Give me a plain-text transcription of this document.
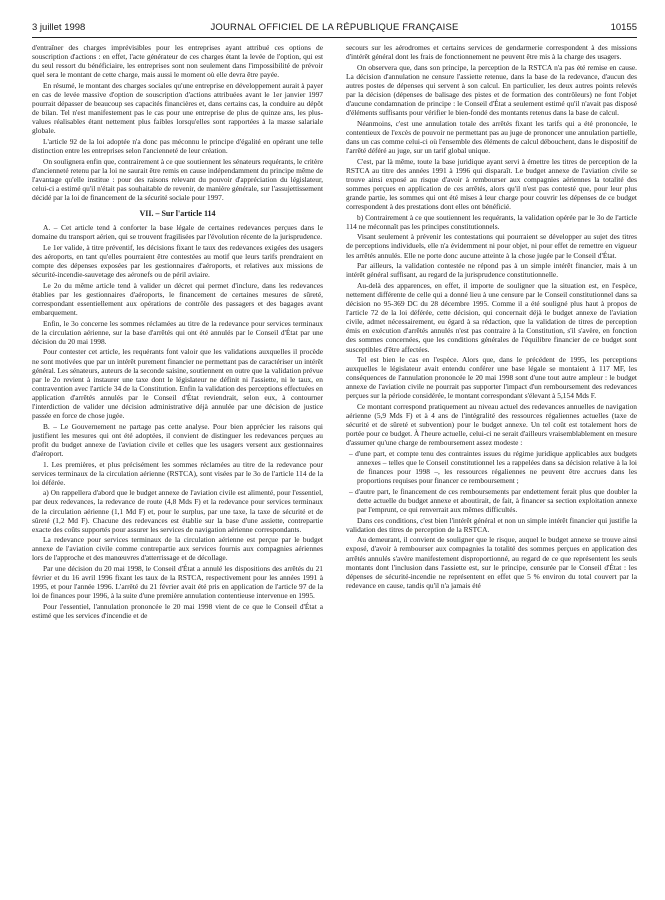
3 juillet 1998	JOURNAL OFFICIEL DE LA RÉPUBLIQUE FRANÇAISE	10155

d'entraîner des charges imprévisibles pour les entreprises ayant attribué ces options de souscription d'actions : en effet, l'acte générateur de ces charges étant la levée de l'option, qui est du seul ressort du bénéficiaire, les entreprises sont non seulement dans l'impossibilité de prévoir quel sera le montant de cette charge, mais aussi le moment où elle devra être payée.

En résumé, le montant des charges sociales qu'une entreprise en développement aurait à payer en cas de levée massive d'option de souscription d'actions attribuées avant le 1er janvier 1997 pourrait dépasser de beaucoup ses capacités financières et, dans certains cas, la conduire au dépôt de bilan. Tel n'est manifestement pas le cas pour une entreprise de plus de quinze ans, les plus-values réalisables étant nettement plus faibles lorsqu'elles sont rapportées à la masse salariale globale.

L'article 92 de la loi adoptée n'a donc pas méconnu le principe d'égalité en opérant une telle distinction entre les entreprises selon l'ancienneté de leur création.

On soulignera enfin que, contrairement à ce que soutiennent les sénateurs requérants, le critère d'ancienneté retenu par la loi ne saurait être remis en cause indépendamment du principe même de l'avantage qu'elle institue : pour des raisons relevant du pouvoir d'appréciation du législateur, celui-ci a estimé qu'il n'était pas souhaitable de revenir, de manière générale, sur l'assujettissement décidé par la loi de financement de la sécurité sociale pour 1997.

VII. – Sur l'article 114

A. – Cet article tend à conforter la base légale de certaines redevances perçues dans le domaine du transport aérien, qui se trouvent fragilisées par l'évolution récente de la jurisprudence.

Le 1er valide, à titre préventif, les décisions fixant le taux des redevances exigées des usagers des aéroports, en tant qu'elles pourraient être contestées au motif que leurs tarifs prendraient en compte des dépenses exposées par les gestionnaires d'aéroports, et relatives aux missions de sécurité-incendie-sauvetage des aéronefs ou de péril aviaire.

Le 2o du même article tend à valider un décret qui permet d'inclure, dans les redevances établies par les gestionnaires d'aéroports, le financement de certaines mesures de sûreté, correspondant essentiellement aux opérations de contrôle des passagers et des bagages avant embarquement.

Enfin, le 3o concerne les sommes réclamées au titre de la redevance pour services terminaux de la circulation aérienne, sur la base d'arrêtés qui ont été annulés par le Conseil d'État par une décision du 20 mai 1998.

Pour contester cet article, les requérants font valoir que les validations auxquelles il procède ne sont motivées que par un intérêt purement financier ne permettant pas de caractériser un intérêt général. Les sénateurs, auteurs de la seconde saisine, soutiennent en outre que la validation prévue par le 2o revient à instaurer une taxe dont le législateur ne définit ni l'assiette, ni le taux, en contravention avec l'article 34 de la Constitution. Enfin la validation des perceptions effectuées en application d'arrêtés annulés par le Conseil d'État reviendrait, selon eux, à contourner l'interdiction de valider une décision administrative déjà annulée par une décision de justice passée en force de chose jugée.

B. – Le Gouvernement ne partage pas cette analyse. Pour bien apprécier les raisons qui justifient les mesures qui ont été adoptées, il convient de distinguer les redevances perçues au profit du budget annexe de l'aviation civile et celles que les usagers versent aux gestionnaires d'aéroport.

1. Les premières, et plus précisément les sommes réclamées au titre de la redevance pour services terminaux de la circulation aérienne (RSTCA), sont visées par le 3o de l'article 114 de la loi déférée.

a) On rappellera d'abord que le budget annexe de l'aviation civile est alimenté, pour l'essentiel, par deux redevances, la redevance de route (4,8 Mds F) et la redevance pour services terminaux de la circulation aérienne (1,1 Md F) et, pour le surplus, par une taxe, la taxe de sécurité et de sûreté (1,2 Md F). Chacune des redevances est établie sur la base d'une assiette, contrepartie exacte des coûts supportés pour assurer les services de navigation aérienne correspondants.

La redevance pour services terminaux de la circulation aérienne est perçue par le budget annexe de l'aviation civile comme contrepartie aux services fournis aux compagnies aériennes lors de l'approche et des manœuvres d'atterrissage et de décollage.

Par une décision du 20 mai 1998, le Conseil d'État a annulé les dispositions des arrêtés du 21 février et du 16 avril 1996 fixant les taux de la RSTCA, respectivement pour les années 1991 à 1995, et pour l'année 1996. L'arrêté du 21 février avait été pris en application de l'article 97 de la loi de finances pour 1996, à la suite d'une première annulation contentieuse intervenue en 1995.

Pour l'essentiel, l'annulation prononcée le 20 mai 1998 vient de ce que le Conseil d'État a estimé que les services d'incendie et de

secours sur les aérodromes et certains services de gendarmerie correspondent à des missions d'intérêt général dont les frais de fonctionnement ne peuvent être mis à la charge des usagers.

On observera que, dans son principe, la perception de la RSTCA n'a pas été remise en cause. La décision d'annulation ne censure l'assiette retenue, dans la base de la redevance, d'aucun des autres postes de dépenses qui servent à son calcul. En particulier, les deux autres points relevés par la décision (dépenses de balisage des pistes et de formation des contrôleurs) ne font l'objet d'aucune condamnation de principe : le Conseil d'État a seulement estimé qu'il n'avait pas disposé d'éléments suffisants pour vérifier le bien-fondé des montants retenus dans la base de calcul.

Néanmoins, c'est une annulation totale des arrêtés fixant les tarifs qui a été prononcée, le contentieux de l'excès de pouvoir ne permettant pas au juge de prononcer une annulation partielle, dans un cas comme celui-ci où l'ensemble des éléments de calcul débouchent, dans le dispositif de l'arrêté déféré au juge, sur un tarif global unique.

C'est, par là même, toute la base juridique ayant servi à émettre les titres de perception de la RSTCA au titre des années 1991 à 1996 qui disparaît. Le budget annexe de l'aviation civile se trouve ainsi exposé au risque d'avoir à rembourser aux compagnies aériennes la totalité des sommes perçues en application de ces arrêtés, alors qu'il n'est pas contesté que, pour leur plus grande partie, les sommes qui ont été mises à leur charge pour couvrir les dépenses de ce budget correspondent à des prestations dont elles ont bénéficié.

b) Contrairement à ce que soutiennent les requérants, la validation opérée par le 3o de l'article 114 ne méconnaît pas les principes constitutionnels.

Visant seulement à prévenir les contestations qui pourraient se développer au sujet des titres de perceptions individuels, elle n'a évidemment ni pour objet, ni pour effet de remettre en vigueur les arrêtés annulés. Elle ne porte donc aucune atteinte à la chose jugée par le Conseil d'État.

Par ailleurs, la validation contestée ne répond pas à un simple intérêt financier, mais à un intérêt général suffisant, au regard de la jurisprudence constitutionnelle.

Au-delà des apparences, en effet, il importe de souligner que la situation est, en l'espèce, nettement différente de celle qui a donné lieu à une censure par le Conseil constitutionnel dans sa décision no 95-369 DC du 28 décembre 1995. Comme il a été souligné plus haut à propos de l'article 72 de la loi déférée, cette décision, qui concernait déjà le budget annexe de l'aviation civile, admet nécessairement, eu égard à sa rédaction, que la validation de titres de perception émis en exécution d'arrêtés annulés n'est pas contraire à la Constitution, s'il s'avère, en fonction des sommes concernées, que les conditions générales de l'équilibre financier de ce budget sont susceptibles d'être affectées.

Tel est bien le cas en l'espèce. Alors que, dans le précédent de 1995, les perceptions auxquelles le législateur avait entendu conférer une base légale se montaient à 117 MF, les conséquences de l'annulation prononcée le 20 mai 1998 sont d'une tout autre ampleur : le budget annexe de l'aviation civile ne pourrait pas supporter l'impact d'un remboursement des redevances perçues sur la période considérée, le montant correspondant s'élevant à 5,154 Mds F.

Ce montant correspond pratiquement au niveau actuel des redevances annuelles de navigation aérienne (5,9 Mds F) et à 4 ans de l'intégralité des ressources régaliennes actuelles (taxe de sécurité et de sûreté et subvention) pour le budget annexe. Un tel coût est totalement hors de portée pour ce budget. À l'heure actuelle, celui-ci ne serait d'ailleurs vraisemblablement en mesure d'assumer qu'une charge de remboursement assez modeste :

– d'une part, et compte tenu des contraintes issues du régime juridique applicables aux budgets annexes – telles que le Conseil constitutionnel les a rappelées dans sa décision relative à la loi de finances pour 1998 –, les ressources régaliennes ne peuvent être accrues dans les proportions requises pour financer ce remboursement ;

– d'autre part, le financement de ces remboursements par endettement ferait plus que doubler la dette actuelle du budget annexe et aboutirait, de fait, à financer sa section exploitation annexe par l'emprunt, ce qui renverrait aux mêmes difficultés.

Dans ces conditions, c'est bien l'intérêt général et non un simple intérêt financier qui justifie la validation des titres de perception de la RSTCA.

Au demeurant, il convient de souligner que le risque, auquel le budget annexe se trouve ainsi exposé, d'avoir à rembourser aux compagnies la totalité des sommes perçues en application des arrêtés annulés s'avère manifestement disproportionné, au regard de ce que représentent les seuls montants dont l'inclusion dans l'assiette est, sur le principe, censurée par le Conseil d'État : les dépenses de sécurité-incendie ne représentent en effet que 5 % environ du total couvert par la redevance en cause, tandis qu'il n'a jamais été
